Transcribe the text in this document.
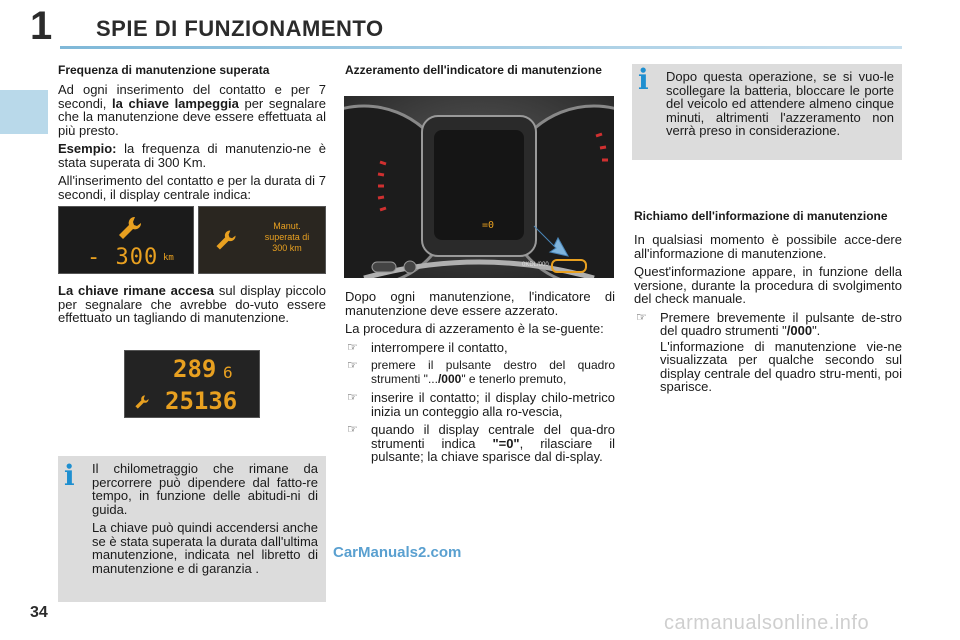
1 SPIE DI FUNZIONAMENTO
Frequenza di manutenzione superata

Ad ogni inserimento del contatto e per 7 secondi, la chiave lampeggia per segnalare che la manutenzione deve essere effettuata al più presto.

Esempio: la frequenza di manutenzio-ne è stata superata di 300 Km.

All'inserimento del contatto e per la durata di 7 secondi, il display centrale indica:

- 300 km
Manut.
superata di
300 km

La chiave rimane accesa sul display piccolo per segnalare che avrebbe do-vuto essere effettuato un tagliando di manutenzione.

289 6
25136
i Il chilometraggio che rimane da percorrere può dipendere dal fatto-re tempo, in funzione delle abitudi-ni di guida.

La chiave può quindi accendersi anche se è stata superata la durata dall'ultima manutenzione, indicata nel libretto di manutenzione e di garanzia .

Azzeramento dell'indicatore di manutenzione
=0
0KDL/000

Dopo ogni manutenzione, l'indicatore di manutenzione deve essere azzerato.

La procedura di azzeramento è la se-guente:

☞ interrompere il contatto,
☞ premere il pulsante destro del quadro strumenti ".../000" e tenerlo premuto,
☞ inserire il contatto; il display chilo-metrico inizia un conteggio alla ro-vescia,
☞ quando il display centrale del qua-dro strumenti indica "=0", rilasciare il pulsante; la chiave sparisce dal di-splay.
i Dopo questa operazione, se si vuo-le scollegare la batteria, bloccare le porte del veicolo ed attendere almeno cinque minuti, altrimenti l'azzeramento non verrà preso in considerazione.

Richiamo dell'informazione di manutenzione

In qualsiasi momento è possibile acce-dere all'informazione di manutenzione.

Quest'informazione appare, in funzione della versione, durante la procedura di svolgimento del check manuale.

☞ Premere brevemente il pulsante de-stro del quadro strumenti "/000".

L'informazione di manutenzione vie-ne visualizzata per qualche secondo sul display centrale del quadro stru-menti, poi sparisce.

CarManuals2.com
34	carmanualsonline.info
